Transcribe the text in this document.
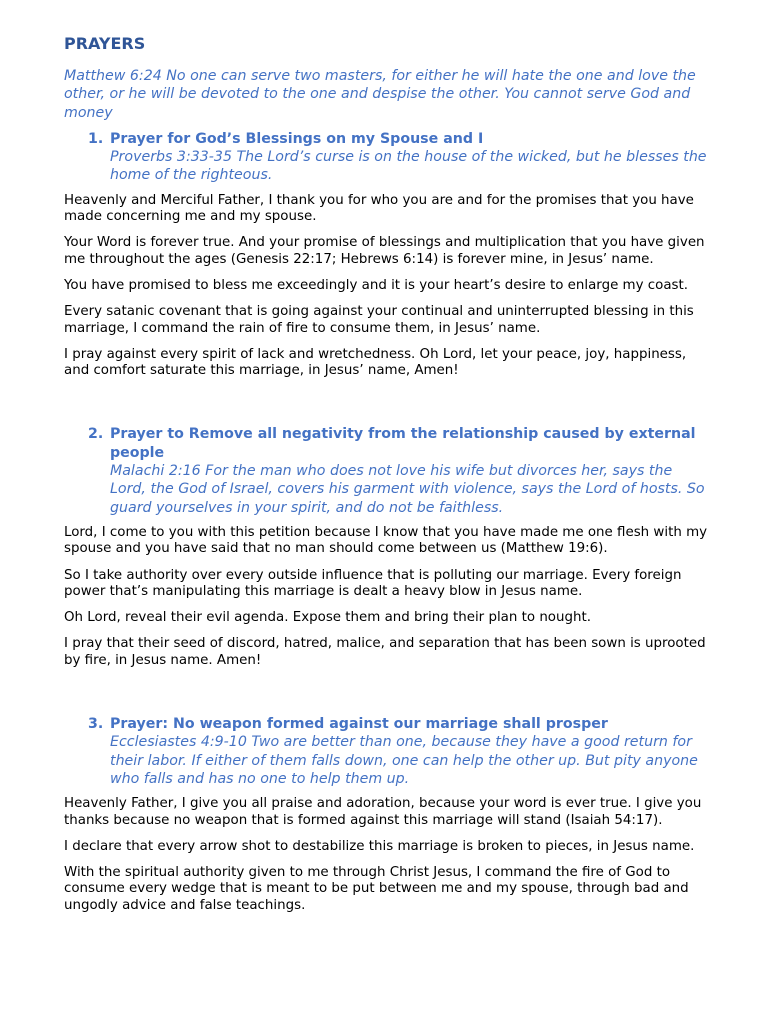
PRAYERS
Matthew 6:24 No one can serve two masters, for either he will hate the one and love the other, or he will be devoted to the one and despise the other. You cannot serve God and money
1. Prayer for God’s Blessings on my Spouse and I
Proverbs 3:33-35 The Lord’s curse is on the house of the wicked, but he blesses the home of the righteous.

Heavenly and Merciful Father, I thank you for who you are and for the promises that you have made concerning me and my spouse.

Your Word is forever true. And your promise of blessings and multiplication that you have given me throughout the ages (Genesis 22:17; Hebrews 6:14) is forever mine, in Jesus’ name.

You have promised to bless me exceedingly and it is your heart’s desire to enlarge my coast.

Every satanic covenant that is going against your continual and uninterrupted blessing in this marriage, I command the rain of fire to consume them, in Jesus’ name.

I pray against every spirit of lack and wretchedness. Oh Lord, let your peace, joy, happiness, and comfort saturate this marriage, in Jesus’ name, Amen!

2. Prayer to Remove all negativity from the relationship caused by external people
Malachi 2:16 For the man who does not love his wife but divorces her, says the Lord, the God of Israel, covers his garment with violence, says the Lord of hosts. So guard yourselves in your spirit, and do not be faithless.

Lord, I come to you with this petition because I know that you have made me one flesh with my spouse and you have said that no man should come between us (Matthew 19:6).

So I take authority over every outside influence that is polluting our marriage. Every foreign power that’s manipulating this marriage is dealt a heavy blow in Jesus name.

Oh Lord, reveal their evil agenda. Expose them and bring their plan to nought.

I pray that their seed of discord, hatred, malice, and separation that has been sown is uprooted by fire, in Jesus name. Amen!

3. Prayer: No weapon formed against our marriage shall prosper
Ecclesiastes 4:9-10 Two are better than one, because they have a good return for their labor. If either of them falls down, one can help the other up. But pity anyone who falls and has no one to help them up.

Heavenly Father, I give you all praise and adoration, because your word is ever true. I give you thanks because no weapon that is formed against this marriage will stand (Isaiah 54:17).

I declare that every arrow shot to destabilize this marriage is broken to pieces, in Jesus name.

With the spiritual authority given to me through Christ Jesus, I command the fire of God to consume every wedge that is meant to be put between me and my spouse, through bad and ungodly advice and false teachings.
